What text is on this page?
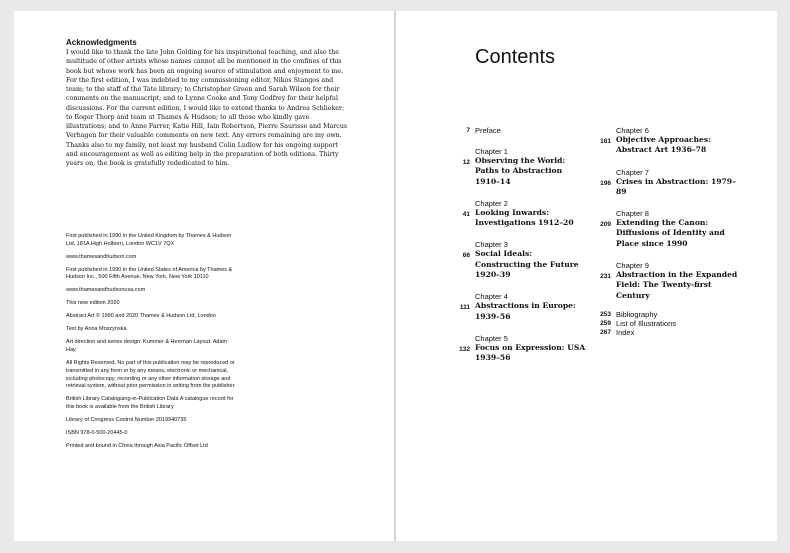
Acknowledgments

I would like to thank the late John Golding for his inspirational teaching, and also the multitude of other artists whose names cannot all be mentioned in the confines of this book but whose work has been an ongoing source of stimulation and enjoyment to me. For the first edition, I was indebted to my commissioning editor, Nikos Stangos and team; to the staff of the Tate library; to Christopher Green and Sarah Wilson for their comments on the manuscript; and to Lynne Cooke and Tony Godfrey for their helpful discussions. For the current edition, I would like to extend thanks to Andrea Schlieker; to Roger Thorp and team at Thames & Hudson; to all those who kindly gave illustrations; and to Anne Farrer, Katie Hill, Iain Robertson, Pierre Saurisse and Marcus Verhagen for their valuable comments on new text. Any errors remaining are my own. Thanks also to my family, not least my husband Colin Ludlow for his ongoing support and encouragement as well as editing help in the preparation of both editions. Thirty years on, the book is gratefully rededicated to him.

First published in 1990 in the United Kingdom by Thames & Hudson Ltd, 181A High Holborn, London WC1V 7QX

www.thamesandhudson.com

First published in 1990 in the United States of America by Thames & Hudson Inc., 500 Fifth Avenue, New York, New York 10110

www.thamesandhudsonusa.com

This new edition 2020

Abstract Art © 1990 and 2020 Thames & Hudson Ltd, London

Text by Anna Moszynska

Art direction and series design: Kummer & Herrman Layout: Adam Hay

All Rights Reserved. No part of this publication may be reproduced or transmitted in any form or by any means, electronic or mechanical, including photocopy, recording or any other information storage and retrieval system, without prior permission in writing from the publisher.

British Library Cataloguing-in-Publication Data A catalogue record for this book is available from the British Library

Library of Congress Control Number 2019940735

ISBN 978-0-500-20445-0

Printed and bound in China through Asia Pacific Offset Ltd

Contents
7 Preface
12
Chapter 1
Observing the World: Paths to Abstraction 1910–14
41
Chapter 2
Looking Inwards: Investigations 1912–20
66
Chapter 3
Social Ideals: Constructing the Future 1920–39
111
Chapter 4
Abstractions in Europe: 1939–56
132
Chapter 5
Focus on Expression: USA 1939–56
161
Chapter 6
Objective Approaches: Abstract Art 1936–78
196
Chapter 7
Crises in Abstraction: 1979–89
209
Chapter 8
Extending the Canon: Diffusions of Identity and Place since 1990
231
Chapter 9
Abstraction in the Expanded Field: The Twenty-first Century
253 Bibliography
259 List of Illustrations
267 Index
